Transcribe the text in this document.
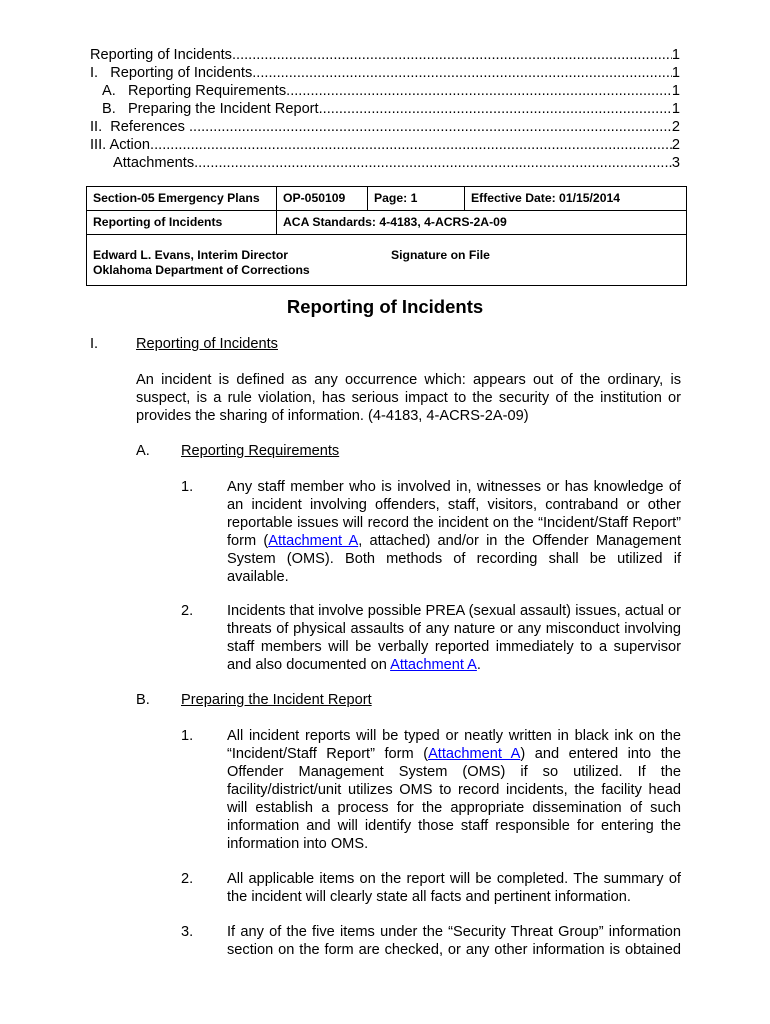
Reporting of Incidents .....	1
I.   Reporting of Incidents .....	1
A.   Reporting Requirements .....	1
B.   Preparing the Incident Report .....	1
II.  References .....	2
III. Action .....	2
Attachments .....	3
Section-05 Emergency Plans	OP-050109	Page: 1	Effective Date: 01/15/2014
Reporting of Incidents	ACA Standards: 4-4183, 4-ACRS-2A-09		

Edward L. Evans, Interim Director
Oklahoma Department of Corrections
Signature on File			
Reporting of Incidents
I.	Reporting of Incidents
An incident is defined as any occurrence which: appears out of the ordinary, is suspect, is a rule violation, has serious impact to the security of the institution or provides the sharing of information. (4-4183, 4-ACRS-2A-09)
A. Reporting Requirements
1. Any staff member who is involved in, witnesses or has knowledge of an incident involving offenders, staff, visitors, contraband or other reportable issues will record the incident on the “Incident/Staff Report” form (Attachment A, attached) and/or in the Offender Management System (OMS). Both methods of recording shall be utilized if available.
2. Incidents that involve possible PREA (sexual assault) issues, actual or threats of physical assaults of any nature or any misconduct involving staff members will be verbally reported immediately to a supervisor and also documented on Attachment A.
B. Preparing the Incident Report
1. All incident reports will be typed or neatly written in black ink on the “Incident/Staff Report” form (Attachment A) and entered into the Offender Management System (OMS) if so utilized. If the facility/district/unit utilizes OMS to record incidents, the facility head will establish a process for the appropriate dissemination of such information and will identify those staff responsible for entering the information into OMS.
2. All applicable items on the report will be completed. The summary of the incident will clearly state all facts and pertinent information.
3. If any of the five items under the “Security Threat Group” information section on the form are checked, or any other information is obtained
